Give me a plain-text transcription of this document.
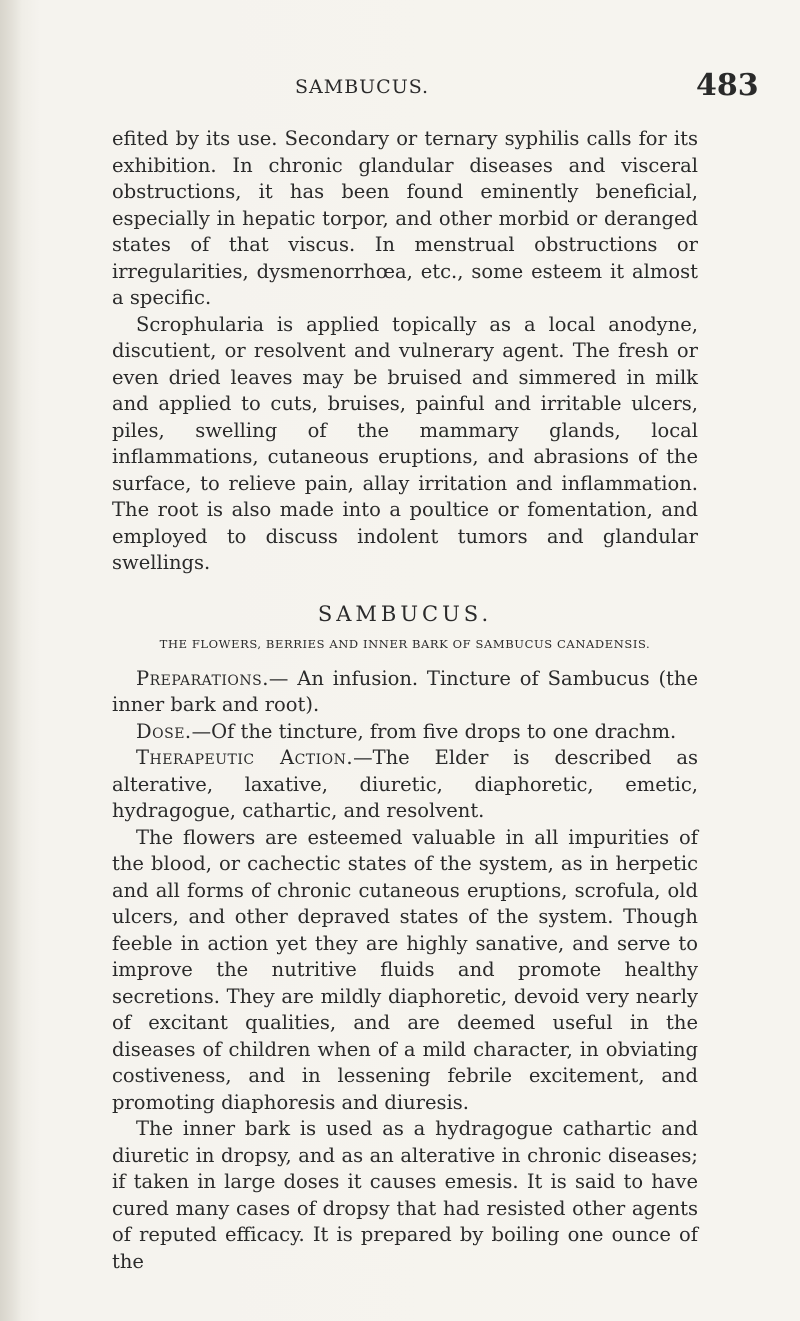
SAMBUCUS.	483

efited by its use. Secondary or ternary syphilis calls for its exhibition. In chronic glandular diseases and visceral obstructions, it has been found eminently beneficial, especially in hepatic torpor, and other morbid or deranged states of that viscus. In menstrual obstructions or irregularities, dysmenorrhœa, etc., some esteem it almost a specific.

Scrophularia is applied topically as a local anodyne, discutient, or resolvent and vulnerary agent. The fresh or even dried leaves may be bruised and simmered in milk and applied to cuts, bruises, painful and irritable ulcers, piles, swelling of the mammary glands, local inflammations, cutaneous eruptions, and abrasions of the surface, to relieve pain, allay irritation and inflammation. The root is also made into a poultice or fomentation, and employed to discuss indolent tumors and glandular swellings.

SAMBUCUS.

THE FLOWERS, BERRIES AND INNER BARK OF SAMBUCUS CANADENSIS.

Preparations.— An infusion. Tincture of Sambucus (the inner bark and root).

Dose.—Of the tincture, from five drops to one drachm.

Therapeutic Action.—The Elder is described as alterative, laxative, diuretic, diaphoretic, emetic, hydragogue, cathartic, and resolvent.

The flowers are esteemed valuable in all impurities of the blood, or cachectic states of the system, as in herpetic and all forms of chronic cutaneous eruptions, scrofula, old ulcers, and other depraved states of the system. Though feeble in action yet they are highly sanative, and serve to improve the nutritive fluids and promote healthy secretions. They are mildly diaphoretic, devoid very nearly of excitant qualities, and are deemed useful in the diseases of children when of a mild character, in obviating costiveness, and in lessening febrile excitement, and promoting diaphoresis and diuresis.

The inner bark is used as a hydragogue cathartic and diuretic in dropsy, and as an alterative in chronic diseases; if taken in large doses it causes emesis. It is said to have cured many cases of dropsy that had resisted other agents of reputed efficacy. It is prepared by boiling one ounce of the
